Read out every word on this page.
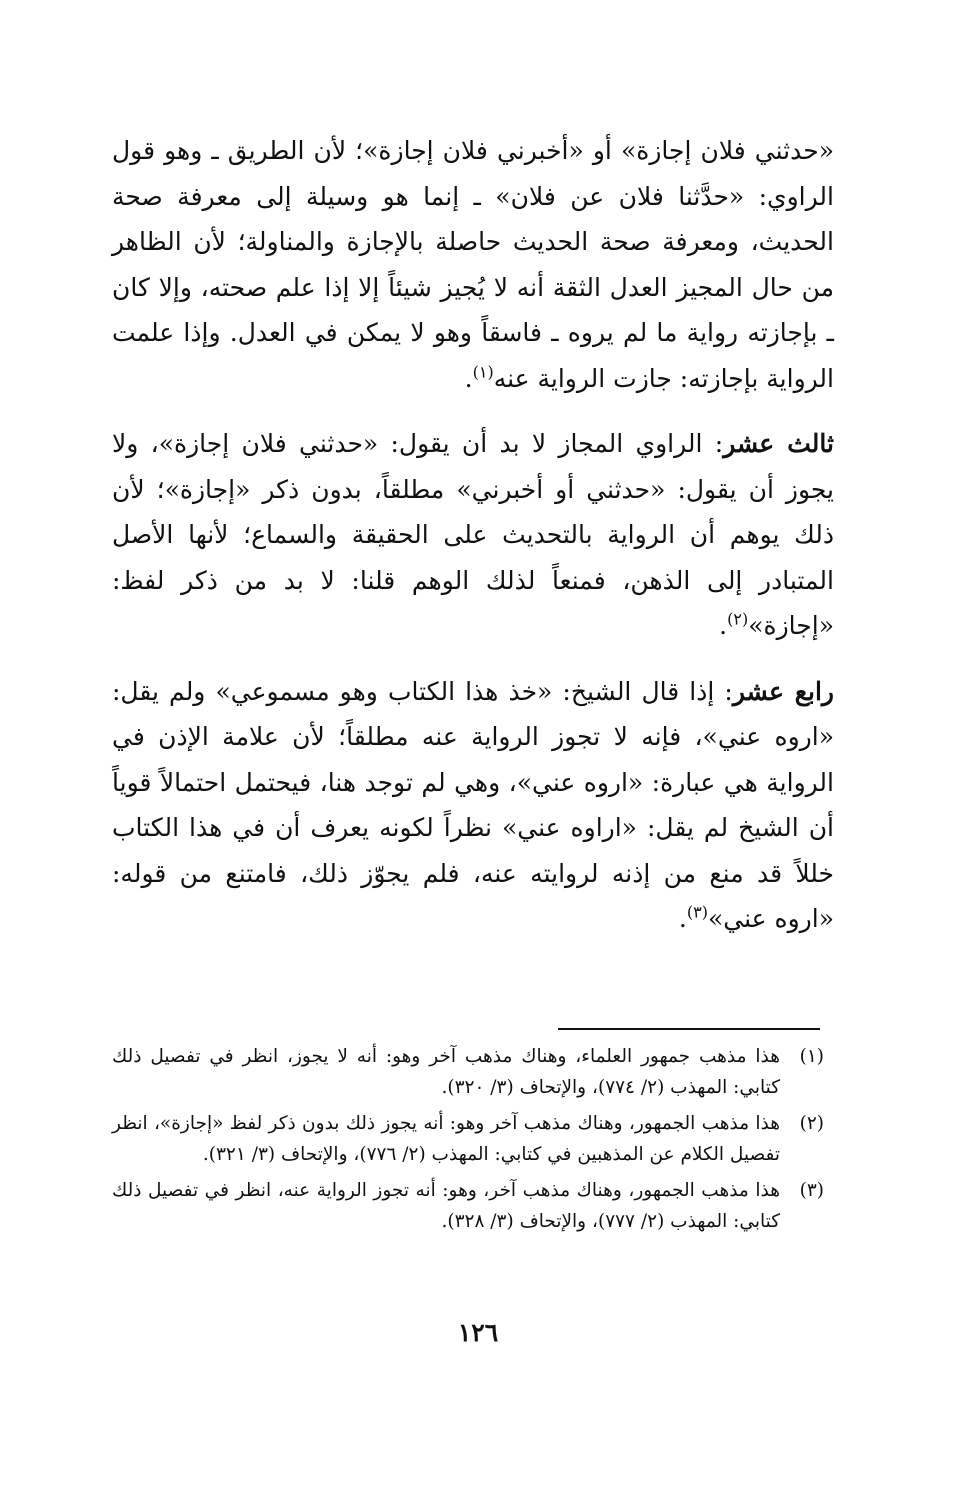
«حدثني فلان إجازة» أو «أخبرني فلان إجازة»؛ لأن الطريق ـ وهو قول الراوي: «حدَّثنا فلان عن فلان» ـ إنما هو وسيلة إلى معرفة صحة الحديث، ومعرفة صحة الحديث حاصلة بالإجازة والمناولة؛ لأن الظاهر من حال المجيز العدل الثقة أنه لا يُجيز شيئاً إلا إذا علم صحته، وإلا كان ـ بإجازته رواية ما لم يروه ـ فاسقاً وهو لا يمكن في العدل. وإذا علمت الرواية بإجازته: جازت الرواية عنه$^{(١)}$.

ثالث عشر: الراوي المجاز لا بد أن يقول: «حدثني فلان إجازة»، ولا يجوز أن يقول: «حدثني أو أخبرني» مطلقاً، بدون ذكر «إجازة»؛ لأن ذلك يوهم أن الرواية بالتحديث على الحقيقة والسماع؛ لأنها الأصل المتبادر إلى الذهن، فمنعاً لذلك الوهم قلنا: لا بد من ذكر لفظ: «إجازة»$^{(٢)}$.

رابع عشر: إذا قال الشيخ: «خذ هذا الكتاب وهو مسموعي» ولم يقل: «اروه عني»، فإنه لا تجوز الرواية عنه مطلقاً؛ لأن علامة الإذن في الرواية هي عبارة: «اروه عني»، وهي لم توجد هنا، فيحتمل احتمالاً قوياً أن الشيخ لم يقل: «اراوه عني» نظراً لكونه يعرف أن في هذا الكتاب خللاً قد منع من إذنه لروايته عنه، فلم يجوّز ذلك، فامتنع من قوله: «اروه عني»$^{(٣)}$.

(١)
هذا مذهب جمهور العلماء، وهناك مذهب آخر وهو: أنه لا يجوز، انظر في تفصيل ذلك كتابي: المهذب (٢/ ٧٧٤)، والإتحاف (٣/ ٣٢٠).
(٢)
هذا مذهب الجمهور، وهناك مذهب آخر وهو: أنه يجوز ذلك بدون ذكر لفظ «إجازة»، انظر تفصيل الكلام عن المذهبين في كتابي: المهذب (٢/ ٧٧٦)، والإتحاف (٣/ ٣٢١).
(٣)
هذا مذهب الجمهور، وهناك مذهب آخر، وهو: أنه تجوز الرواية عنه، انظر في تفصيل ذلك كتابي: المهذب (٢/ ٧٧٧)، والإتحاف (٣/ ٣٢٨).
١٢٦
